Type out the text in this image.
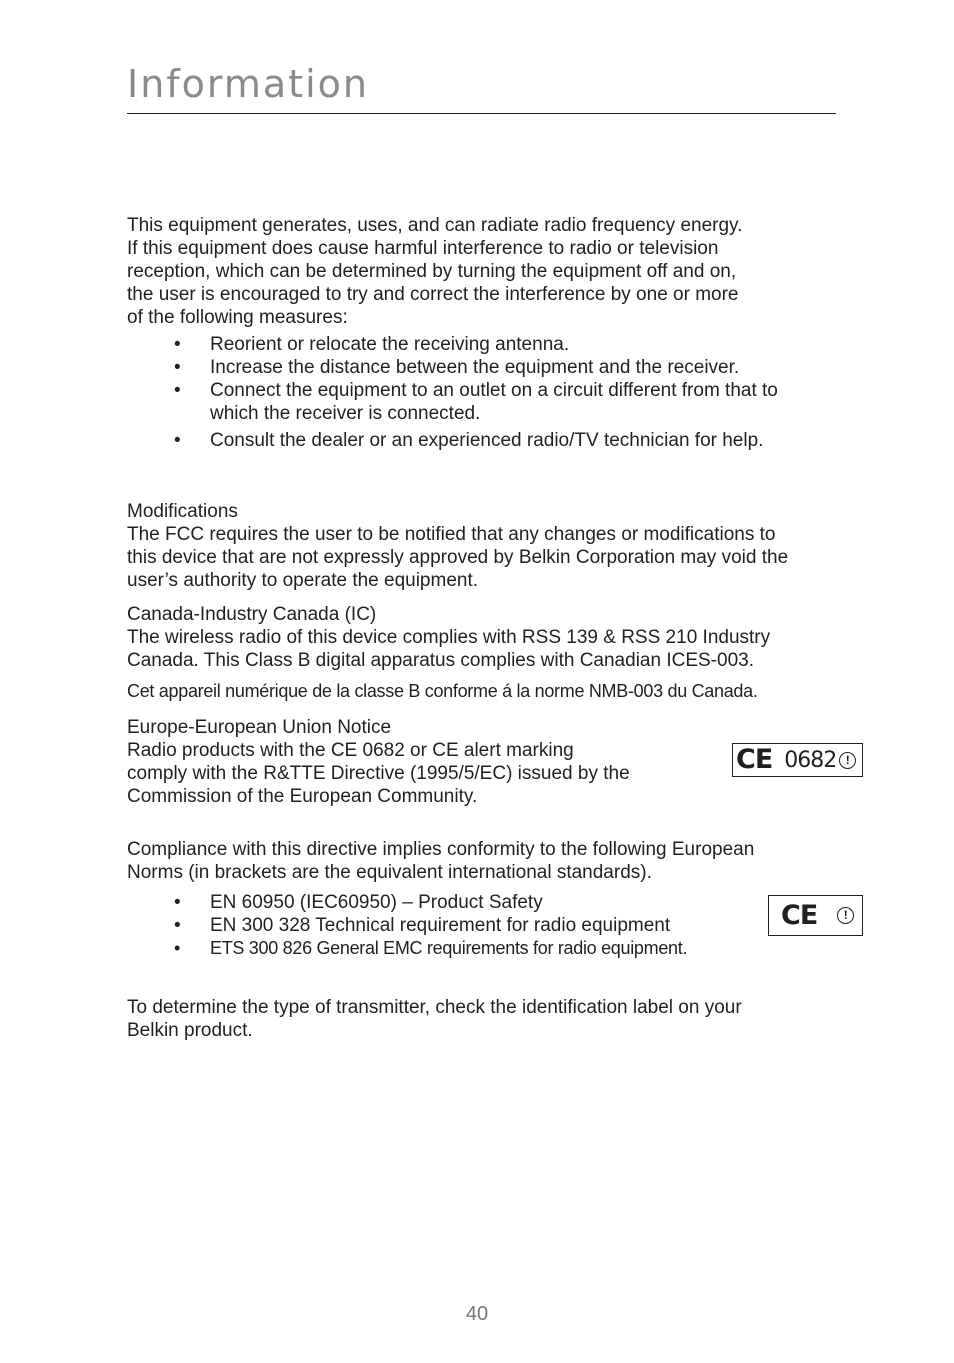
Information
This equipment generates, uses, and can radiate radio frequency energy.
If this equipment does cause harmful interference to radio or television
reception, which can be determined by turning the equipment off and on,
the user is encouraged to try and correct the interference by one or more
of the following measures:
• Reorient or relocate the receiving antenna.
• Increase the distance between the equipment and the receiver.
• Connect the equipment to an outlet on a circuit different from that to
which the receiver is connected.
• Consult the dealer or an experienced radio/TV technician for help.
Modifications
The FCC requires the user to be notified that any changes or modifications to
this device that are not expressly approved by Belkin Corporation may void the
user’s authority to operate the equipment.
Canada-Industry Canada (IC)
The wireless radio of this device complies with RSS 139 & RSS 210 Industry
Canada. This Class B digital apparatus complies with Canadian ICES-003.
Cet appareil numérique de la classe B conforme á la norme NMB-003 du Canada.
Europe-European Union Notice
Radio products with the CE 0682 or CE alert marking
comply with the R&TTE Directive (1995/5/EC) issued by the
Commission of the European Community.
CE 0682 !
Compliance with this directive implies conformity to the following European
Norms (in brackets are the equivalent international standards).
• EN 60950 (IEC60950) – Product Safety
• EN 300 328 Technical requirement for radio equipment
• ETS 300 826 General EMC requirements for radio equipment.
CE	!
To determine the type of transmitter, check the identification label on your
Belkin product.

40
